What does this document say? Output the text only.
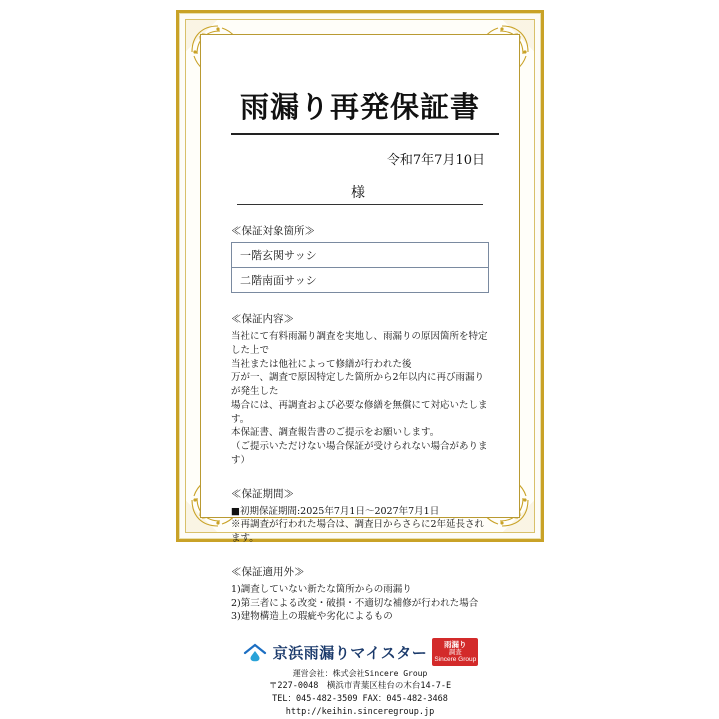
雨漏り再発保証書
令和7年7月10日
様
≪保証対象箇所≫
一階玄関サッシ
二階南面サッシ
≪保証内容≫
当社にて有料雨漏り調査を実地し、雨漏りの原因箇所を特定した上で
当社または他社によって修繕が行われた後
万が一、調査で原因特定した箇所から2年以内に再び雨漏りが発生した
場合には、再調査および必要な修繕を無償にて対応いたします。
本保証書、調査報告書のご提示をお願いします。
（ご提示いただけない場合保証が受けられない場合があります）
≪保証期間≫
■初期保証期間:2025年7月1日〜2027年7月1日
※再調査が行われた場合は、調査日からさらに2年延長されます。
≪保証適用外≫
1)調査していない新たな箇所からの雨漏り
2)第三者による改変・破損・不適切な補修が行われた場合
3)建物構造上の瑕疵や劣化によるもの
京浜雨漏りマイスター 雨漏り
調査
Sincere Group
運営会社：株式会社Sincere Group
〒227-0048　横浜市青葉区桂台の木台14-7-E
TEL：045-482-3509 FAX：045-482-3468
http://keihin.sinceregroup.jp
